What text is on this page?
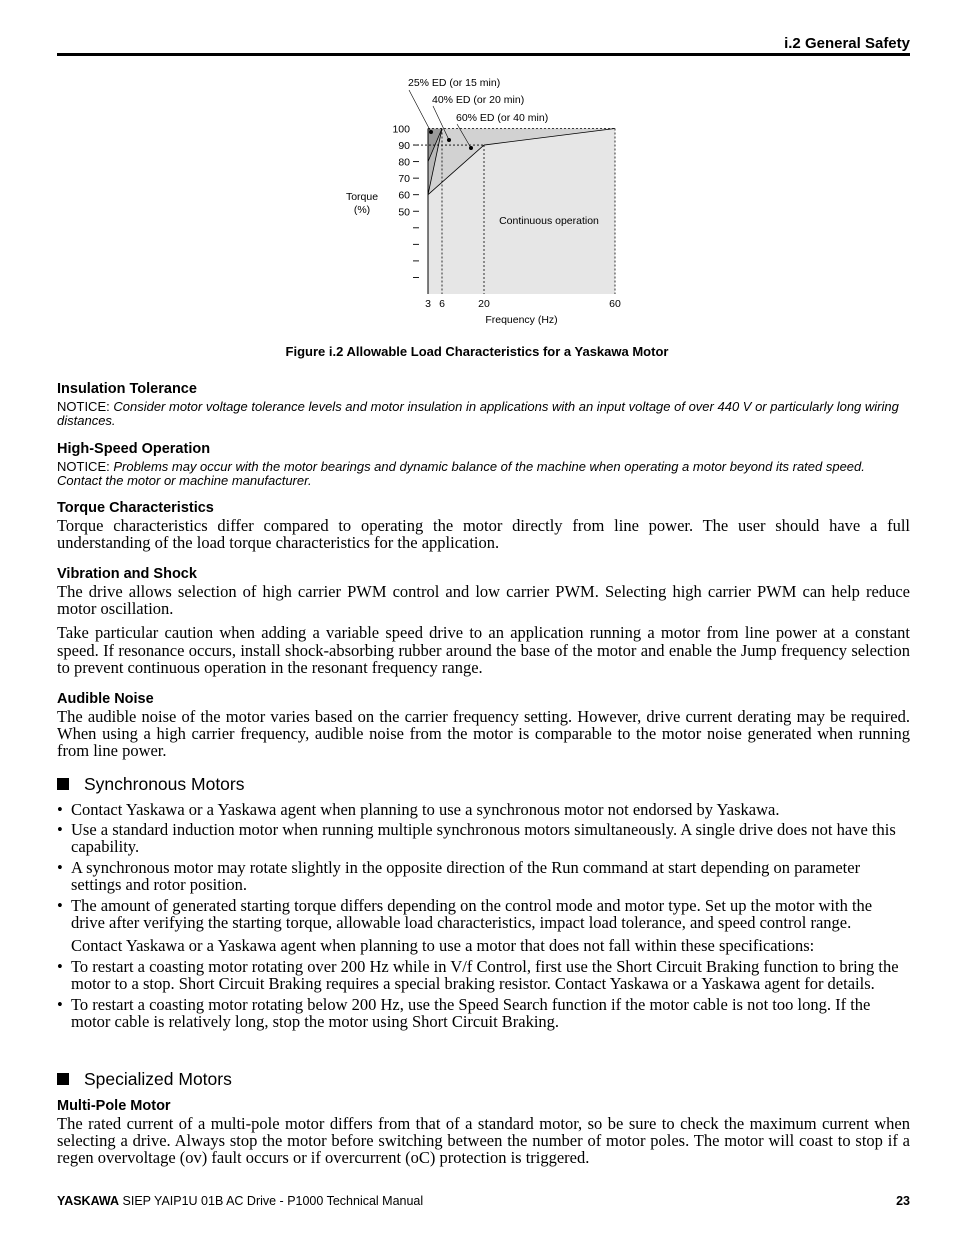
i.2 General Safety
100
90
80
70
60
50
3 6	20	60
Frequency (Hz)
Torque
(%)
Continuous operation
25% ED (or 15 min)
40% ED (or 20 min)
60% ED (or 40 min)
Figure i.2 Allowable Load Characteristics for a Yaskawa Motor

Insulation Tolerance

NOTICE: Consider motor voltage tolerance levels and motor insulation in applications with an input voltage of over 440 V or particularly long wiring distances.

High-Speed Operation

NOTICE: Problems may occur with the motor bearings and dynamic balance of the machine when operating a motor beyond its rated speed. Contact the motor or machine manufacturer.

Torque Characteristics

Torque characteristics differ compared to operating the motor directly from line power. The user should have a full understanding of the load torque characteristics for the application.

Vibration and Shock

The drive allows selection of high carrier PWM control and low carrier PWM. Selecting high carrier PWM can help reduce motor oscillation.

Take particular caution when adding a variable speed drive to an application running a motor from line power at a constant speed. If resonance occurs, install shock-absorbing rubber around the base of the motor and enable the Jump frequency selection to prevent continuous operation in the resonant frequency range.

Audible Noise

The audible noise of the motor varies based on the carrier frequency setting. However, drive current derating may be required. When using a high carrier frequency, audible noise from the motor is comparable to the motor noise generated when running from line power.

Synchronous Motors

• Contact Yaskawa or a Yaskawa agent when planning to use a synchronous motor not endorsed by Yaskawa.
• Use a standard induction motor when running multiple synchronous motors simultaneously. A single drive does not have this capability.
• A synchronous motor may rotate slightly in the opposite direction of the Run command at start depending on parameter settings and rotor position.
• The amount of generated starting torque differs depending on the control mode and motor type. Set up the motor with the drive after verifying the starting torque, allowable load characteristics, impact load tolerance, and speed control range.

Contact Yaskawa or a Yaskawa agent when planning to use a motor that does not fall within these specifications:

• To restart a coasting motor rotating over 200 Hz while in V/f Control, first use the Short Circuit Braking function to bring the motor to a stop. Short Circuit Braking requires a special braking resistor. Contact Yaskawa or a Yaskawa agent for details.
• To restart a coasting motor rotating below 200 Hz, use the Speed Search function if the motor cable is not too long. If the motor cable is relatively long, stop the motor using Short Circuit Braking.

Specialized Motors

Multi-Pole Motor

The rated current of a multi-pole motor differs from that of a standard motor, so be sure to check the maximum current when selecting a drive. Always stop the motor before switching between the number of motor poles. The motor will coast to stop if a regen overvoltage (ov) fault occurs or if overcurrent (oC) protection is triggered.

YASKAWA SIEP YAIP1U 01B AC Drive - P1000 Technical Manual	23
